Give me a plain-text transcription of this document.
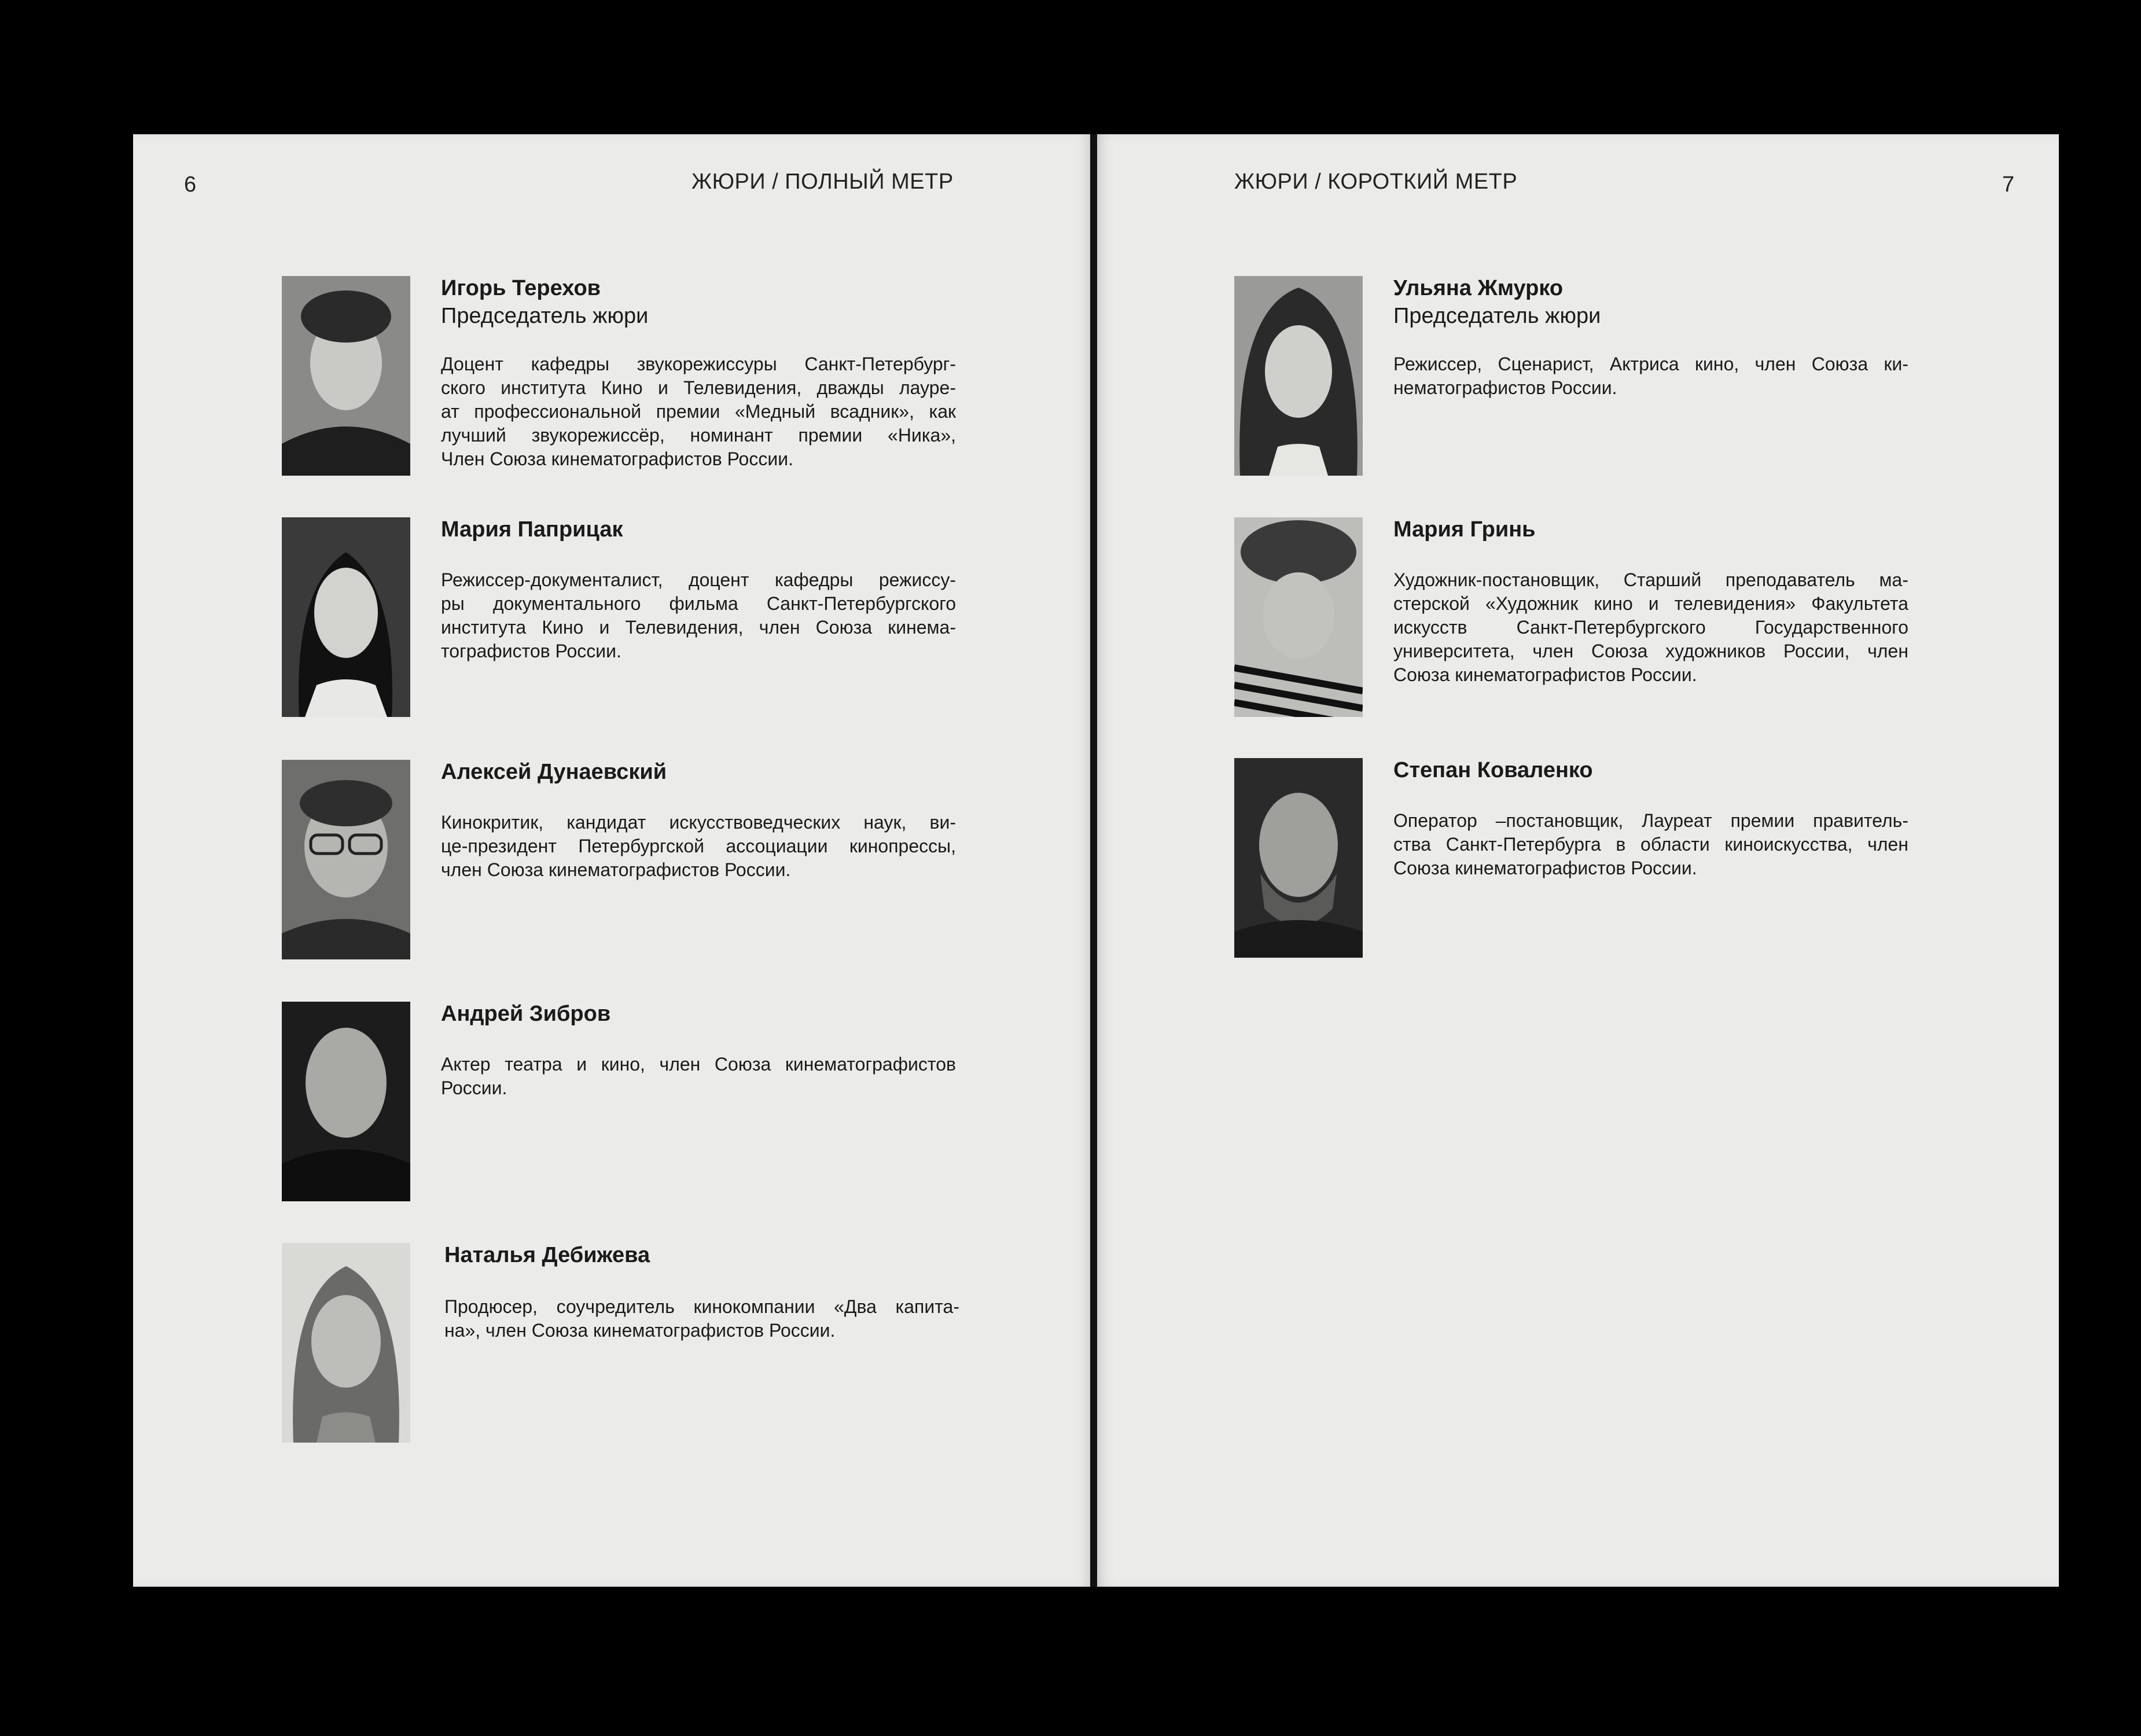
6	ЖЮРИ / ПОЛНЫЙ МЕТР	ЖЮРИ / КОРОТКИЙ МЕТР	7
Игорь Терехов
Председатель жюри
Доцент кафедры звукорежиссуры Санкт-Петербург-
ского института Кино и Телевидения, дважды лауре-
ат профессиональной премии «Медный всадник», как
лучший звукорежиссёр, номинант премии «Ника»,
Член Союза кинематографистов России.
Мария Паприцак
Режиссер-документалист, доцент кафедры режиссу-
ры документального фильма Санкт-Петербургского
института Кино и Телевидения, член Союза кинема-
тографистов России.
Алексей Дунаевский
Кинокритик, кандидат искусствоведческих наук, ви-
це-президент Петербургской ассоциации кинопрессы,
член Союза кинематографистов России.
Андрей Зибров
Актер театра и кино, член Союза кинематографистов
России.
Наталья Дебижева
Продюсер, соучредитель кинокомпании «Два капита-
на», член Союза кинематографистов России.
Ульяна Жмурко
Председатель жюри
Режиссер, Сценарист, Актриса кино, член Союза ки-
нематографистов России.
Мария Гринь
Художник-постановщик, Старший преподаватель ма-
стерской «Художник кино и телевидения» Факультета
искусств Санкт-Петербургского Государственного
университета, член Союза художников России, член
Союза кинематографистов России.
Степан Коваленко
Оператор –постановщик, Лауреат премии правитель-
ства Санкт-Петербурга в области киноискусства, член
Союза кинематографистов России.
